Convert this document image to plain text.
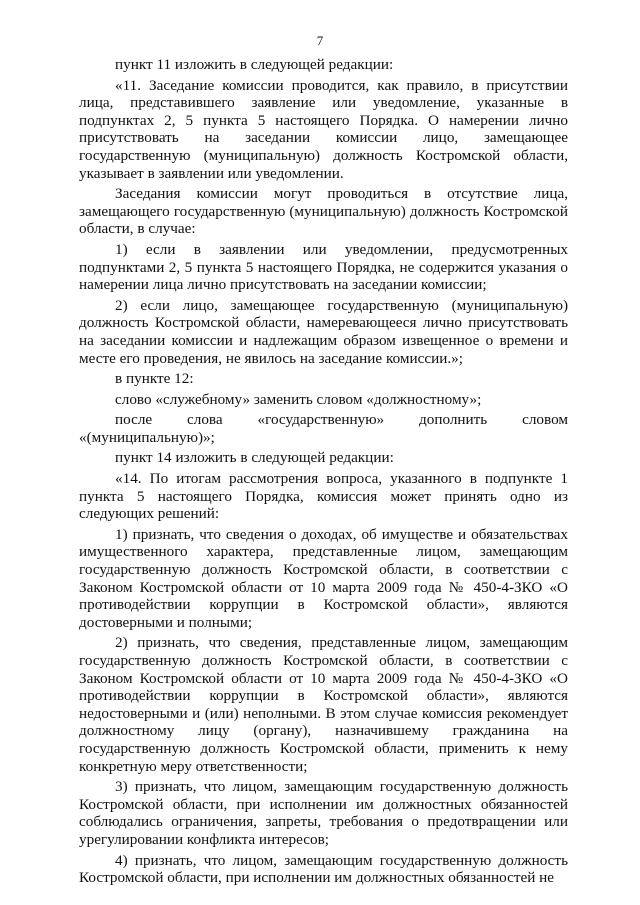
7

пункт 11 изложить в следующей редакции:

«11. Заседание комиссии проводится, как правило, в присутствии лица, представившего заявление или уведомление, указанные в подпунктах 2, 5 пункта 5 настоящего Порядка. О намерении лично присутствовать на заседании комиссии лицо, замещающее государственную (муниципальную) должность Костромской области, указывает в заявлении или уведомлении.

Заседания комиссии могут проводиться в отсутствие лица, замещающего государственную (муниципальную) должность Костромской области, в случае:

1) если в заявлении или уведомлении, предусмотренных подпунктами 2, 5 пункта 5 настоящего Порядка, не содержится указания о намерении лица лично присутствовать на заседании комиссии;

2) если лицо, замещающее государственную (муниципальную) должность Костромской области, намеревающееся лично присутствовать на заседании комиссии и надлежащим образом извещенное о времени и месте его проведения, не явилось на заседание комиссии.»;

в пункте 12:

слово «служебному» заменить словом «должностному»;

после слова «государственную» дополнить словом «(муниципальную)»;

пункт 14 изложить в следующей редакции:

«14. По итогам рассмотрения вопроса, указанного в подпункте 1 пункта 5 настоящего Порядка, комиссия может принять одно из следующих решений:

1) признать, что сведения о доходах, об имуществе и обязательствах имущественного характера, представленные лицом, замещающим государственную должность Костромской области, в соответствии с Законом Костромской области от 10 марта 2009 года № 450-4-ЗКО «О противодействии коррупции в Костромской области», являются достоверными и полными;

2) признать, что сведения, представленные лицом, замещающим государственную должность Костромской области, в соответствии с Законом Костромской области от 10 марта 2009 года № 450-4-ЗКО «О противодействии коррупции в Костромской области», являются недостоверными и (или) неполными. В этом случае комиссия рекомендует должностному лицу (органу), назначившему гражданина на государственную должность Костромской области, применить к нему конкретную меру ответственности;

3) признать, что лицом, замещающим государственную должность Костромской области, при исполнении им должностных обязанностей соблюдались ограничения, запреты, требования о предотвращении или урегулировании конфликта интересов;

4) признать, что лицом, замещающим государственную должность Костромской области, при исполнении им должностных обязанностей не
